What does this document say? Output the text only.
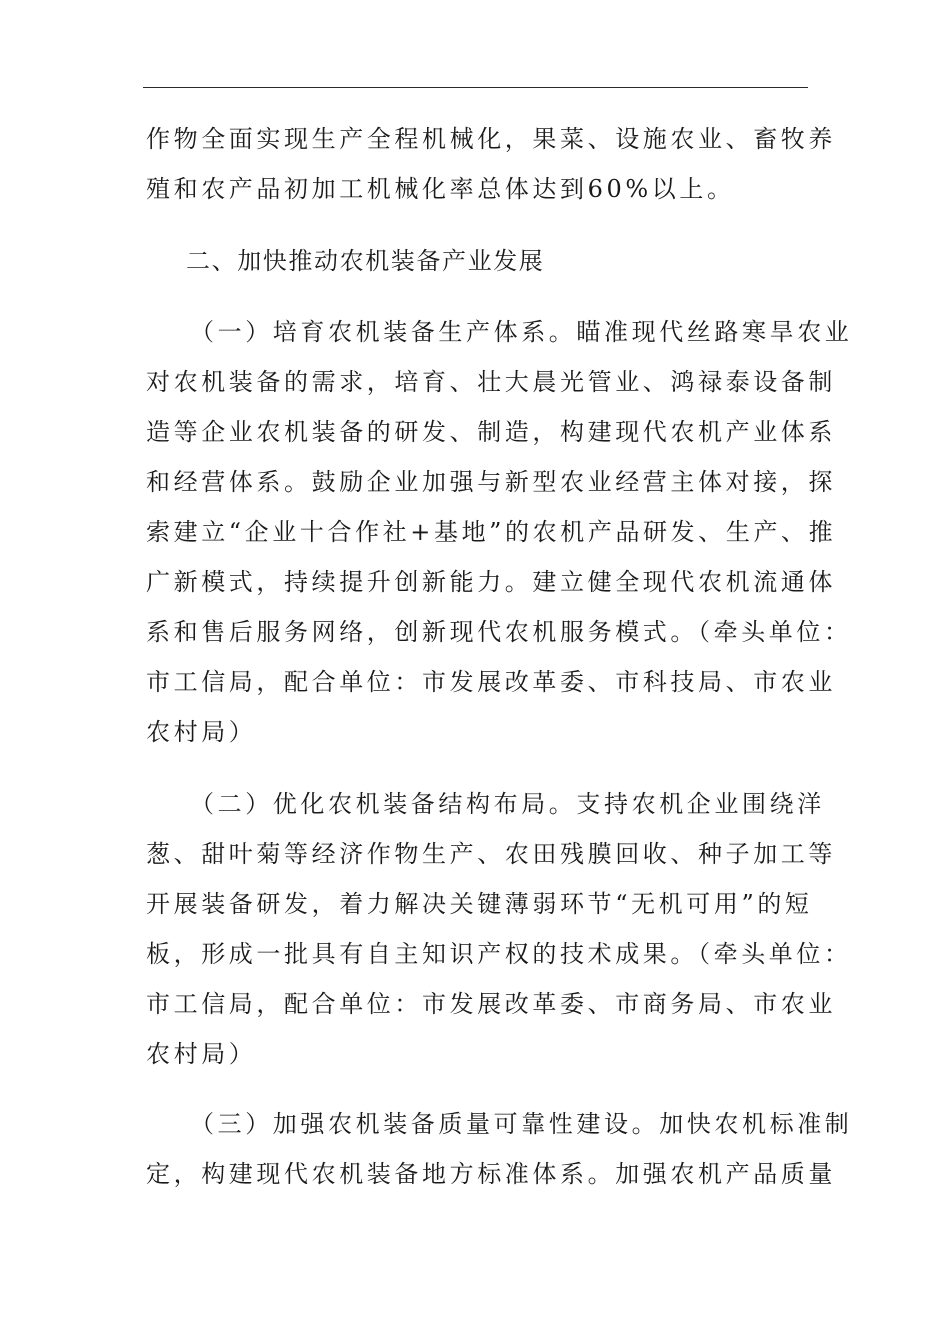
作物全面实现生产全程机械化，果菜、设施农业、畜牧养
殖和农产品初加工机械化率总体达到60%以上。
二、加快推动农机装备产业发展
（一）培育农机装备生产体系。瞄准现代丝路寒旱农业
对农机装备的需求，培育、壮大晨光管业、鸿禄泰设备制
造等企业农机装备的研发、制造，构建现代农机产业体系
和经营体系。鼓励企业加强与新型农业经营主体对接，探
索建立“企业十合作社+基地”的农机产品研发、生产、推
广新模式，持续提升创新能力。建立健全现代农机流通体
系和售后服务网络，创新现代农机服务模式。（牵头单位：
市工信局，配合单位：市发展改革委、市科技局、市农业
农村局）
（二）优化农机装备结构布局。支持农机企业围绕洋
葱、甜叶菊等经济作物生产、农田残膜回收、种子加工等
开展装备研发，着力解决关键薄弱环节“无机可用”的短
板，形成一批具有自主知识产权的技术成果。（牵头单位：
市工信局，配合单位：市发展改革委、市商务局、市农业
农村局）
（三）加强农机装备质量可靠性建设。加快农机标准制
定，构建现代农机装备地方标准体系。加强农机产品质量
